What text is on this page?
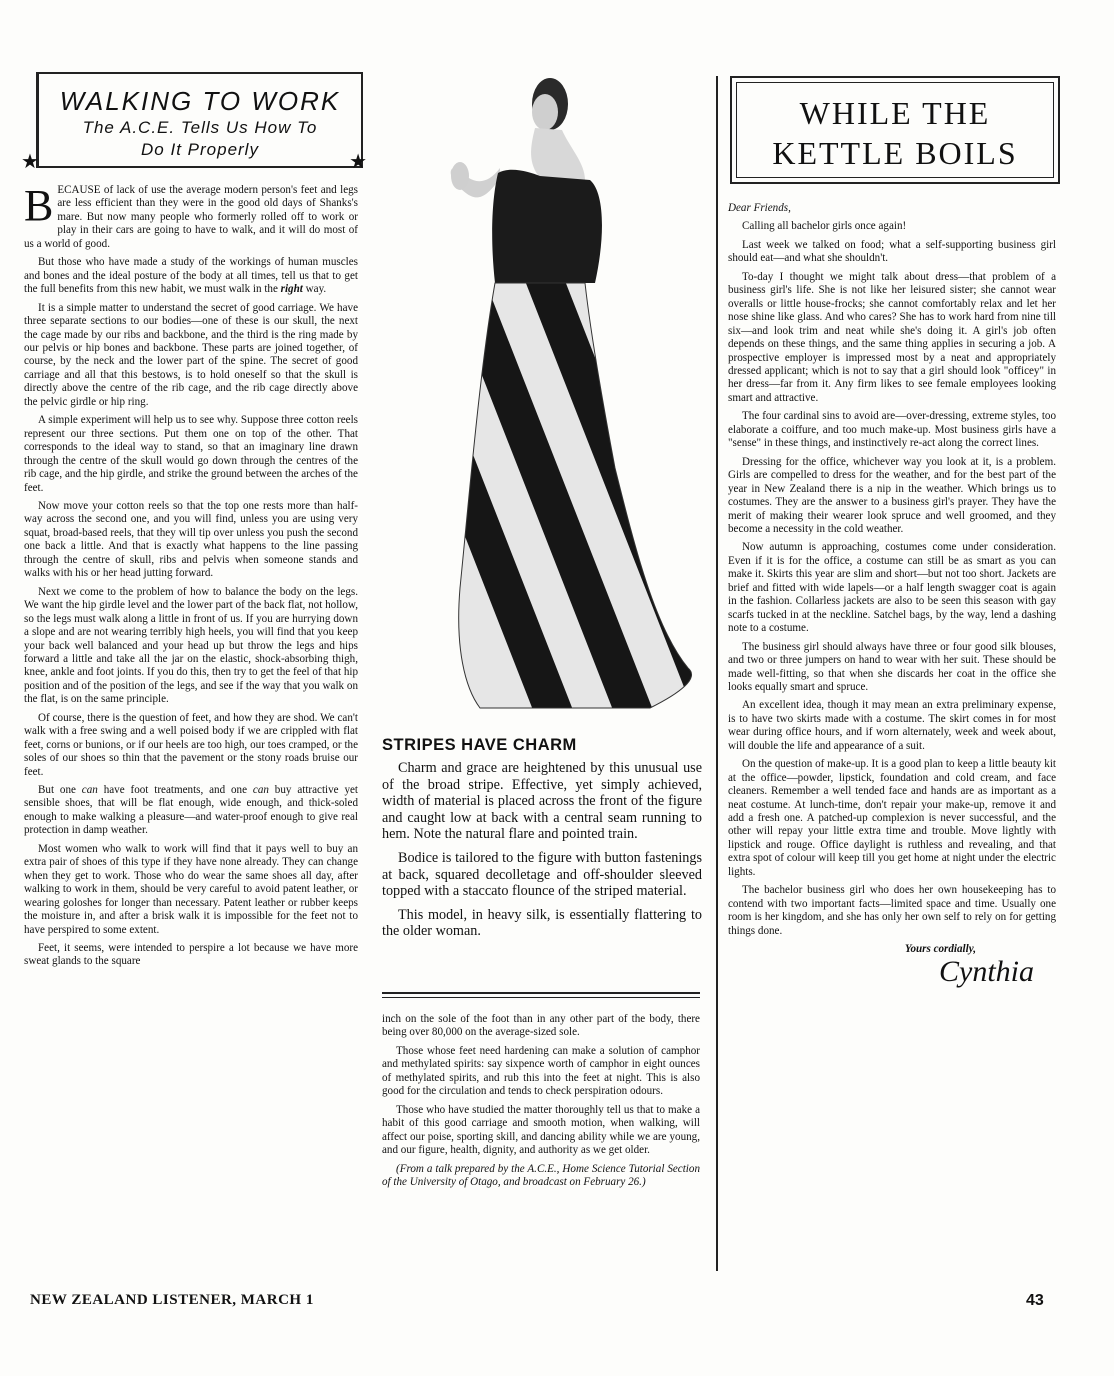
WALKING TO WORK
The A.C.E. Tells Us How To
Do It Properly
★	★

BECAUSE of lack of use the average modern person's feet and legs are less efficient than they were in the good old days of Shanks's mare. But now many people who formerly rolled off to work or play in their cars are going to have to walk, and it will do most of us a world of good.

But those who have made a study of the workings of human muscles and bones and the ideal posture of the body at all times, tell us that to get the full benefits from this new habit, we must walk in the right way.

It is a simple matter to understand the secret of good carriage. We have three separate sections to our bodies—one of these is our skull, the next the cage made by our ribs and backbone, and the third is the ring made by our pelvis or hip bones and backbone. These parts are joined together, of course, by the neck and the lower part of the spine. The secret of good carriage and all that this bestows, is to hold oneself so that the skull is directly above the centre of the rib cage, and the rib cage directly above the pelvic girdle or hip ring.

A simple experiment will help us to see why. Suppose three cotton reels represent our three sections. Put them one on top of the other. That corresponds to the ideal way to stand, so that an imaginary line drawn through the centre of the skull would go down through the centres of the rib cage, and the hip girdle, and strike the ground between the arches of the feet.

Now move your cotton reels so that the top one rests more than half-way across the second one, and you will find, unless you are using very squat, broad-based reels, that they will tip over unless you push the second one back a little. And that is exactly what happens to the line passing through the centre of skull, ribs and pelvis when someone stands and walks with his or her head jutting forward.

Next we come to the problem of how to balance the body on the legs. We want the hip girdle level and the lower part of the back flat, not hollow, so the legs must walk along a little in front of us. If you are hurrying down a slope and are not wearing terribly high heels, you will find that you keep your back well balanced and your head up but throw the legs and hips forward a little and take all the jar on the elastic, shock-absorbing thigh, knee, ankle and foot joints. If you do this, then try to get the feel of that hip position and of the position of the legs, and see if the way that you walk on the flat, is on the same principle.

Of course, there is the question of feet, and how they are shod. We can't walk with a free swing and a well poised body if we are crippled with flat feet, corns or bunions, or if our heels are too high, our toes cramped, or the soles of our shoes so thin that the pavement or the stony roads bruise our feet.

But one can have foot treatments, and one can buy attractive yet sensible shoes, that will be flat enough, wide enough, and thick-soled enough to make walking a pleasure—and water-proof enough to give real protection in damp weather.

Most women who walk to work will find that it pays well to buy an extra pair of shoes of this type if they have none already. They can change when they get to work. Those who do wear the same shoes all day, after walking to work in them, should be very careful to avoid patent leather, or wearing goloshes for longer than necessary. Patent leather or rubber keeps the moisture in, and after a brisk walk it is impossible for the feet not to have perspired to some extent.

Feet, it seems, were intended to perspire a lot because we have more sweat glands to the square

STRIPES HAVE CHARM

Charm and grace are heightened by this unusual use of the broad stripe. Effective, yet simply achieved, width of material is placed across the front of the figure and caught low at back with a central seam running to hem. Note the natural flare and pointed train.

Bodice is tailored to the figure with button fastenings at back, squared decolletage and off-shoulder sleeved topped with a staccato flounce of the striped material.

This model, in heavy silk, is essentially flattering to the older woman.

inch on the sole of the foot than in any other part of the body, there being over 80,000 on the average-sized sole.

Those whose feet need hardening can make a solution of camphor and methylated spirits: say sixpence worth of camphor in eight ounces of methylated spirits, and rub this into the feet at night. This is also good for the circulation and tends to check perspiration odours.

Those who have studied the matter thoroughly tell us that to make a habit of this good carriage and smooth motion, when walking, will affect our poise, sporting skill, and dancing ability while we are young, and our figure, health, dignity, and authority as we get older.

(From a talk prepared by the A.C.E., Home Science Tutorial Section of the University of Otago, and broadcast on February 26.)

WHILE THE
KETTLE BOILS

Dear Friends,

Calling all bachelor girls once again!

Last week we talked on food; what a self-supporting business girl should eat—and what she shouldn't.

To-day I thought we might talk about dress—that problem of a business girl's life. She is not like her leisured sister; she cannot wear overalls or little house-frocks; she cannot comfortably relax and let her nose shine like glass. And who cares? She has to work hard from nine till six—and look trim and neat while she's doing it. A girl's job often depends on these things, and the same thing applies in securing a job. A prospective employer is impressed most by a neat and appropriately dressed applicant; which is not to say that a girl should look "officey" in her dress—far from it. Any firm likes to see female employees looking smart and attractive.

The four cardinal sins to avoid are—over-dressing, extreme styles, too elaborate a coiffure, and too much make-up. Most business girls have a "sense" in these things, and instinctively re-act along the correct lines.

Dressing for the office, whichever way you look at it, is a problem. Girls are compelled to dress for the weather, and for the best part of the year in New Zealand there is a nip in the weather. Which brings us to costumes. They are the answer to a business girl's prayer. They have the merit of making their wearer look spruce and well groomed, and they become a necessity in the cold weather.

Now autumn is approaching, costumes come under consideration. Even if it is for the office, a costume can still be as smart as you can make it. Skirts this year are slim and short—but not too short. Jackets are brief and fitted with wide lapels—or a half length swagger coat is again in the fashion. Collarless jackets are also to be seen this season with gay scarfs tucked in at the neckline. Satchel bags, by the way, lend a dashing note to a costume.

The business girl should always have three or four good silk blouses, and two or three jumpers on hand to wear with her suit. These should be made well-fitting, so that when she discards her coat in the office she looks equally smart and spruce.

An excellent idea, though it may mean an extra preliminary expense, is to have two skirts made with a costume. The skirt comes in for most wear during office hours, and if worn alternately, week and week about, will double the life and appearance of a suit.

On the question of make-up. It is a good plan to keep a little beauty kit at the office—powder, lipstick, foundation and cold cream, and face cleaners. Remember a well tended face and hands are as important as a neat costume. At lunch-time, don't repair your make-up, remove it and add a fresh one. A patched-up complexion is never successful, and the other will repay your little extra time and trouble. Move lightly with lipstick and rouge. Office daylight is ruthless and revealing, and that extra spot of colour will keep till you get home at night under the electric lights.

The bachelor business girl who does her own housekeeping has to contend with two important facts—limited space and time. Usually one room is her kingdom, and she has only her own self to rely on for getting things done.

Yours cordially,

Cynthia
NEW ZEALAND LISTENER, MARCH 1	43
